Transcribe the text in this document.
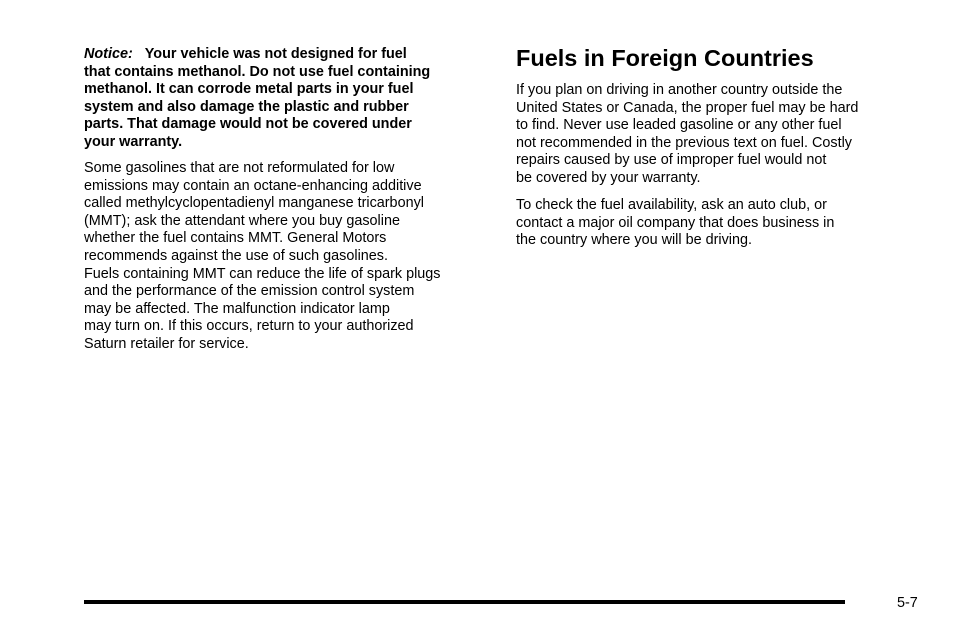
Notice: Your vehicle was not designed for fuel
that contains methanol. Do not use fuel containing
methanol. It can corrode metal parts in your fuel
system and also damage the plastic and rubber
parts. That damage would not be covered under
your warranty.
Some gasolines that are not reformulated for low
emissions may contain an octane-enhancing additive
called methylcyclopentadienyl manganese tricarbonyl
(MMT); ask the attendant where you buy gasoline
whether the fuel contains MMT. General Motors
recommends against the use of such gasolines.
Fuels containing MMT can reduce the life of spark plugs
and the performance of the emission control system
may be affected. The malfunction indicator lamp
may turn on. If this occurs, return to your authorized
Saturn retailer for service.
Fuels in Foreign Countries
If you plan on driving in another country outside the
United States or Canada, the proper fuel may be hard
to find. Never use leaded gasoline or any other fuel
not recommended in the previous text on fuel. Costly
repairs caused by use of improper fuel would not
be covered by your warranty.
To check the fuel availability, ask an auto club, or
contact a major oil company that does business in
the country where you will be driving.
5-7
